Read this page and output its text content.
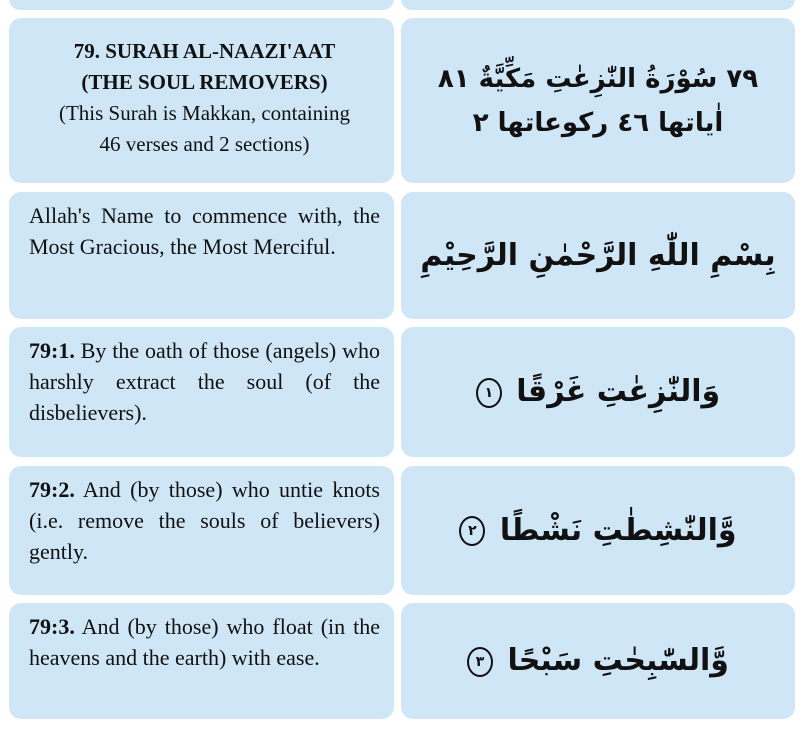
79. SURAH AL-NAAZI'AAT
(THE SOUL REMOVERS)
(This Surah is Makkan, containing
46 verses and 2 sections)
٧٩ سُوْرَةُ النّٰزِعٰتِ مَكِّيَّةٌ ٨١
اٰياتها ٤٦ ركوعاتها ٢
Allah's Name to commence with, the Most Gracious, the Most Merciful.	بِسْمِ اللّٰهِ الرَّحْمٰنِ الرَّحِيْمِ
79:1. By the oath of those (angels) who harshly extract the soul (of the disbelievers).
وَالنّٰزِعٰتِ غَرْقًا ١
79:2. And (by those) who untie knots (i.e. remove the souls of believers) gently.
وَّالنّٰشِطٰتِ نَشْطًا ٢
79:3. And (by those) who float (in the heavens and the earth) with ease.	وَّالسّٰبِحٰتِ سَبْحًا ٣
